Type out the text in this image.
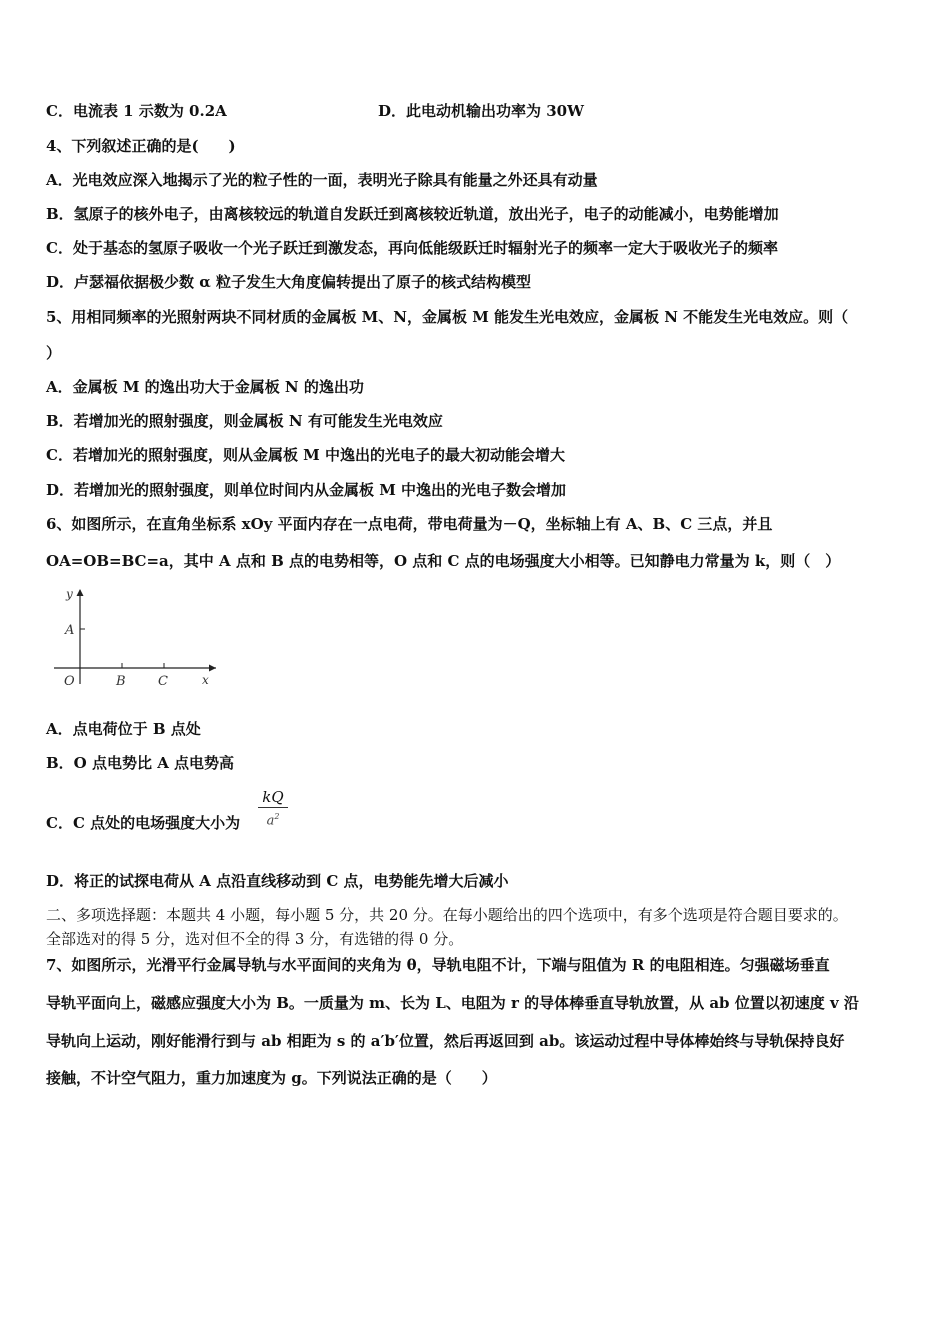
C．电流表 1 示数为 0.2A	D．此电动机输出功率为 30W
4、下列叙述正确的是(　　)
A．光电效应深入地揭示了光的粒子性的一面，表明光子除具有能量之外还具有动量
B．氢原子的核外电子，由离核较远的轨道自发跃迁到离核较近轨道，放出光子，电子的动能减小，电势能增加
C．处于基态的氢原子吸收一个光子跃迁到激发态，再向低能级跃迁时辐射光子的频率一定大于吸收光子的频率
D．卢瑟福依据极少数 α 粒子发生大角度偏转提出了原子的核式结构模型
5、用相同频率的光照射两块不同材质的金属板 M、N，金属板 M 能发生光电效应，金属板 N 不能发生光电效应。则（
）
A．金属板 M 的逸出功大于金属板 N 的逸出功
B．若增加光的照射强度，则金属板 N 有可能发生光电效应
C．若增加光的照射强度，则从金属板 M 中逸出的光电子的最大初动能会增大
D．若增加光的照射强度，则单位时间内从金属板 M 中逸出的光电子数会增加
6、如图所示，在直角坐标系 xOy 平面内存在一点电荷，带电荷量为－Q，坐标轴上有 A、B、C 三点，并且
OA=OB=BC=a，其中 A 点和 B 点的电势相等，O 点和 C 点的电场强度大小相等。已知静电力常量为 k，则（　）
y
A
O	B C	x
A．点电荷位于 B 点处
B．O 点电势比 A 点电势高
C．C 点处的电场强度大小为 $\frac{kQ}{a^2}$
D．将正的试探电荷从 A 点沿直线移动到 C 点，电势能先增大后减小
二、多项选择题：本题共 4 小题，每小题 5 分，共 20 分。在每小题给出的四个选项中，有多个选项是符合题目要求的。
全部选对的得 5 分，选对但不全的得 3 分，有选错的得 0 分。
7、如图所示，光滑平行金属导轨与水平面间的夹角为 θ，导轨电阻不计，下端与阻值为 R 的电阻相连。匀强磁场垂直
导轨平面向上，磁感应强度大小为 B。一质量为 m、长为 L、电阻为 r 的导体棒垂直导轨放置，从 ab 位置以初速度 v 沿
导轨向上运动，刚好能滑行到与 ab 相距为 s 的 a′b′位置，然后再返回到 ab。该运动过程中导体棒始终与导轨保持良好
接触，不计空气阻力，重力加速度为 g。下列说法正确的是（　　）
